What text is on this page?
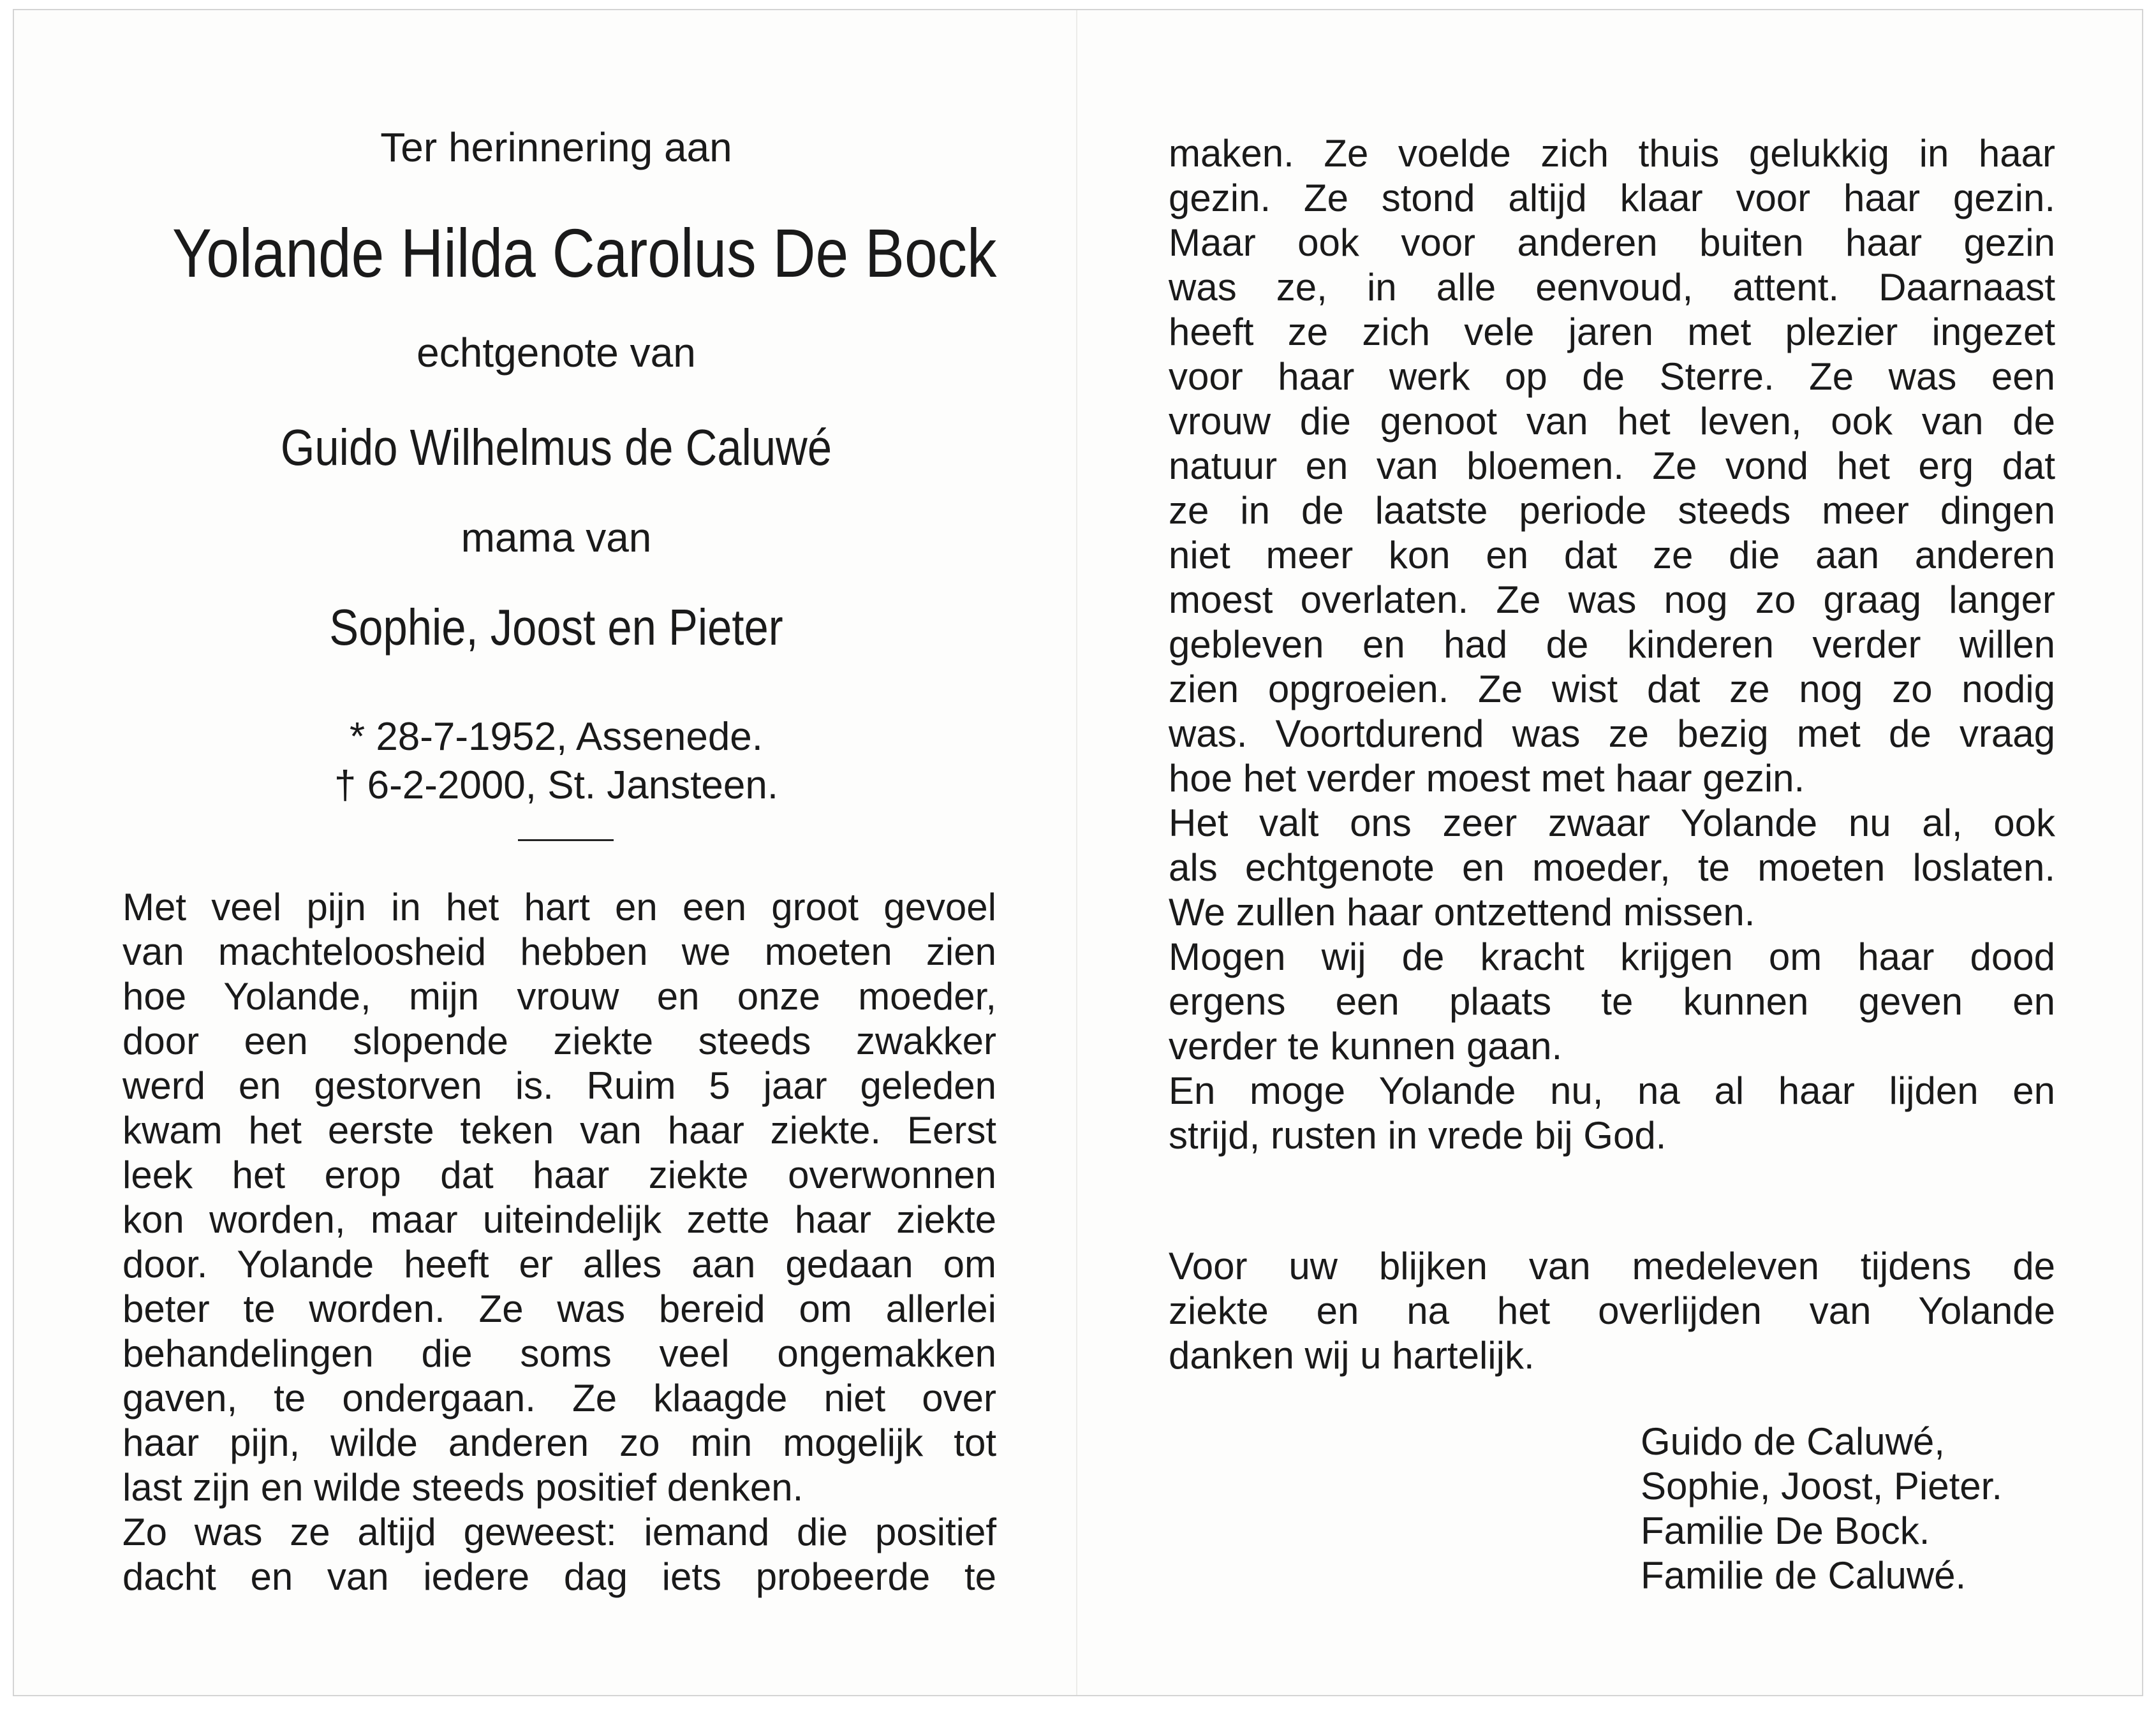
Ter herinnering aan
Yolande Hilda Carolus De Bock
echtgenote van
Guido Wilhelmus de Caluwé
mama van
Sophie, Joost en Pieter
* 28-7-1952, Assenede.
† 6-2-2000, St. Jansteen.
Met veel pijn in het hart en een groot gevoel
van machteloosheid hebben we moeten zien
hoe Yolande, mijn vrouw en onze moeder,
door een slopende ziekte steeds zwakker
werd en gestorven is. Ruim 5 jaar geleden
kwam het eerste teken van haar ziekte. Eerst
leek het erop dat haar ziekte overwonnen
kon worden, maar uiteindelijk zette haar ziekte
door. Yolande heeft er alles aan gedaan om
beter te worden. Ze was bereid om allerlei
behandelingen die soms veel ongemakken
gaven, te ondergaan. Ze klaagde niet over
haar pijn, wilde anderen zo min mogelijk tot
last zijn en wilde steeds positief denken.
Zo was ze altijd geweest: iemand die positief
dacht en van iedere dag iets probeerde te
maken. Ze voelde zich thuis gelukkig in haar
gezin. Ze stond altijd klaar voor haar gezin.
Maar ook voor anderen buiten haar gezin
was ze, in alle eenvoud, attent. Daarnaast
heeft ze zich vele jaren met plezier ingezet
voor haar werk op de Sterre. Ze was een
vrouw die genoot van het leven, ook van de
natuur en van bloemen. Ze vond het erg dat
ze in de laatste periode steeds meer dingen
niet meer kon en dat ze die aan anderen
moest overlaten. Ze was nog zo graag langer
gebleven en had de kinderen verder willen
zien opgroeien. Ze wist dat ze nog zo nodig
was. Voortdurend was ze bezig met de vraag
hoe het verder moest met haar gezin.
Het valt ons zeer zwaar Yolande nu al, ook
als echtgenote en moeder, te moeten loslaten.
We zullen haar ontzettend missen.
Mogen wij de kracht krijgen om haar dood
ergens een plaats te kunnen geven en
verder te kunnen gaan.
En moge Yolande nu, na al haar lijden en
strijd, rusten in vrede bij God.
Voor uw blijken van medeleven tijdens de
ziekte en na het overlijden van Yolande
danken wij u hartelijk.
Guido de Caluwé,
Sophie, Joost, Pieter.
Familie De Bock.
Familie de Caluwé.
